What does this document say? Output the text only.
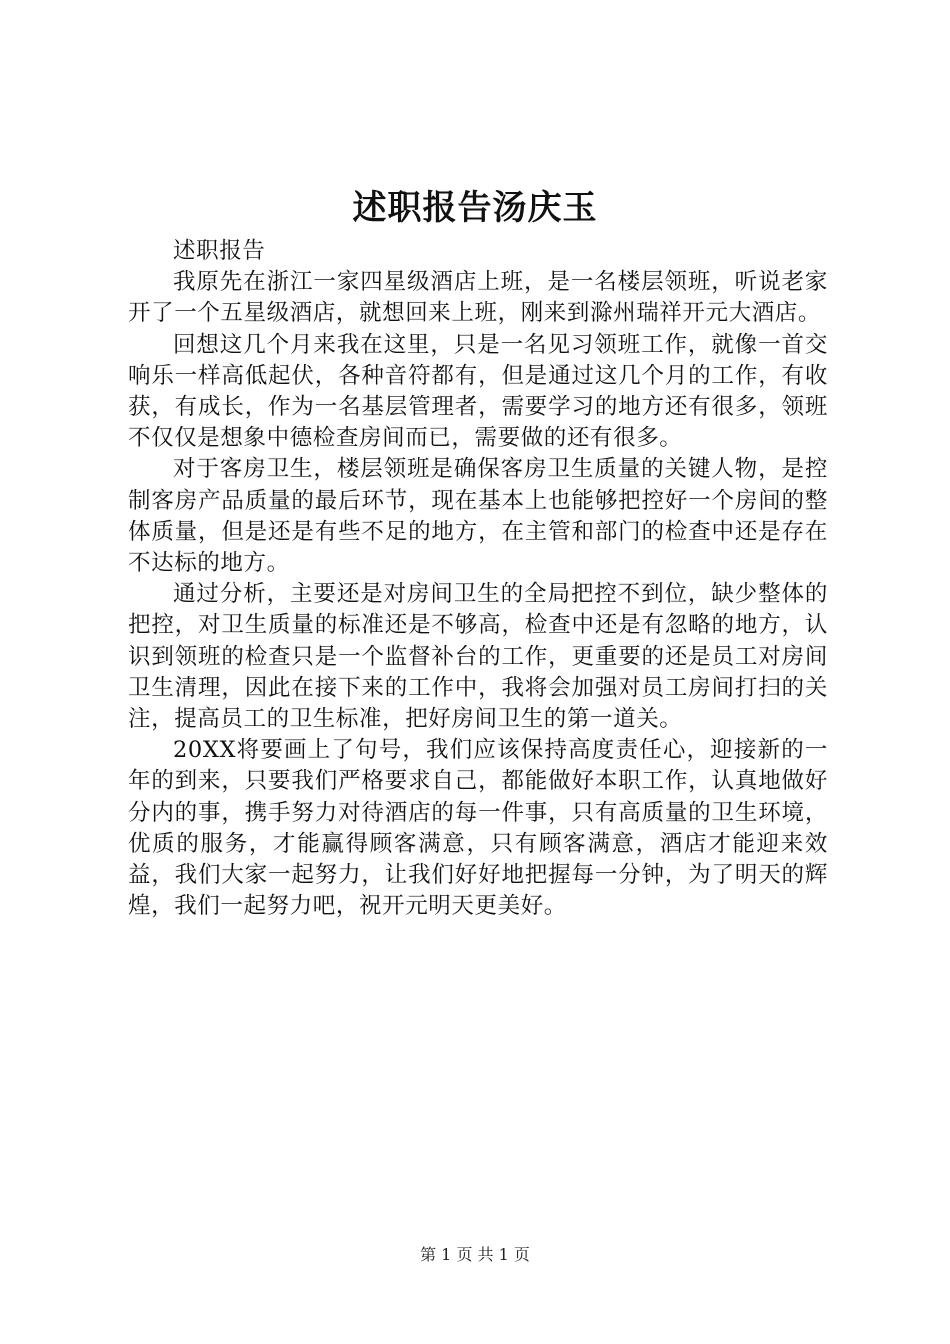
述职报告汤庆玉

述职报告

我原先在浙江一家四星级酒店上班，是一名楼层领班，听说老家开了一个五星级酒店，就想回来上班，刚来到滁州瑞祥开元大酒店。

回想这几个月来我在这里，只是一名见习领班工作，就像一首交响乐一样高低起伏，各种音符都有，但是通过这几个月的工作，有收获，有成长，作为一名基层管理者，需要学习的地方还有很多，领班不仅仅是想象中德检查房间而已，需要做的还有很多。

对于客房卫生，楼层领班是确保客房卫生质量的关键人物，是控制客房产品质量的最后环节，现在基本上也能够把控好一个房间的整体质量，但是还是有些不足的地方，在主管和部门的检查中还是存在不达标的地方。

通过分析，主要还是对房间卫生的全局把控不到位，缺少整体的把控，对卫生质量的标准还是不够高，检查中还是有忽略的地方，认识到领班的检查只是一个监督补台的工作，更重要的还是员工对房间卫生清理，因此在接下来的工作中，我将会加强对员工房间打扫的关注，提高员工的卫生标准，把好房间卫生的第一道关。

20XX将要画上了句号，我们应该保持高度责任心，迎接新的一年的到来，只要我们严格要求自己，都能做好本职工作，认真地做好分内的事，携手努力对待酒店的每一件事，只有高质量的卫生环境，优质的服务，才能赢得顾客满意，只有顾客满意，酒店才能迎来效益，我们大家一起努力，让我们好好地把握每一分钟，为了明天的辉煌，我们一起努力吧，祝开元明天更美好。

第 1 页 共 1 页
